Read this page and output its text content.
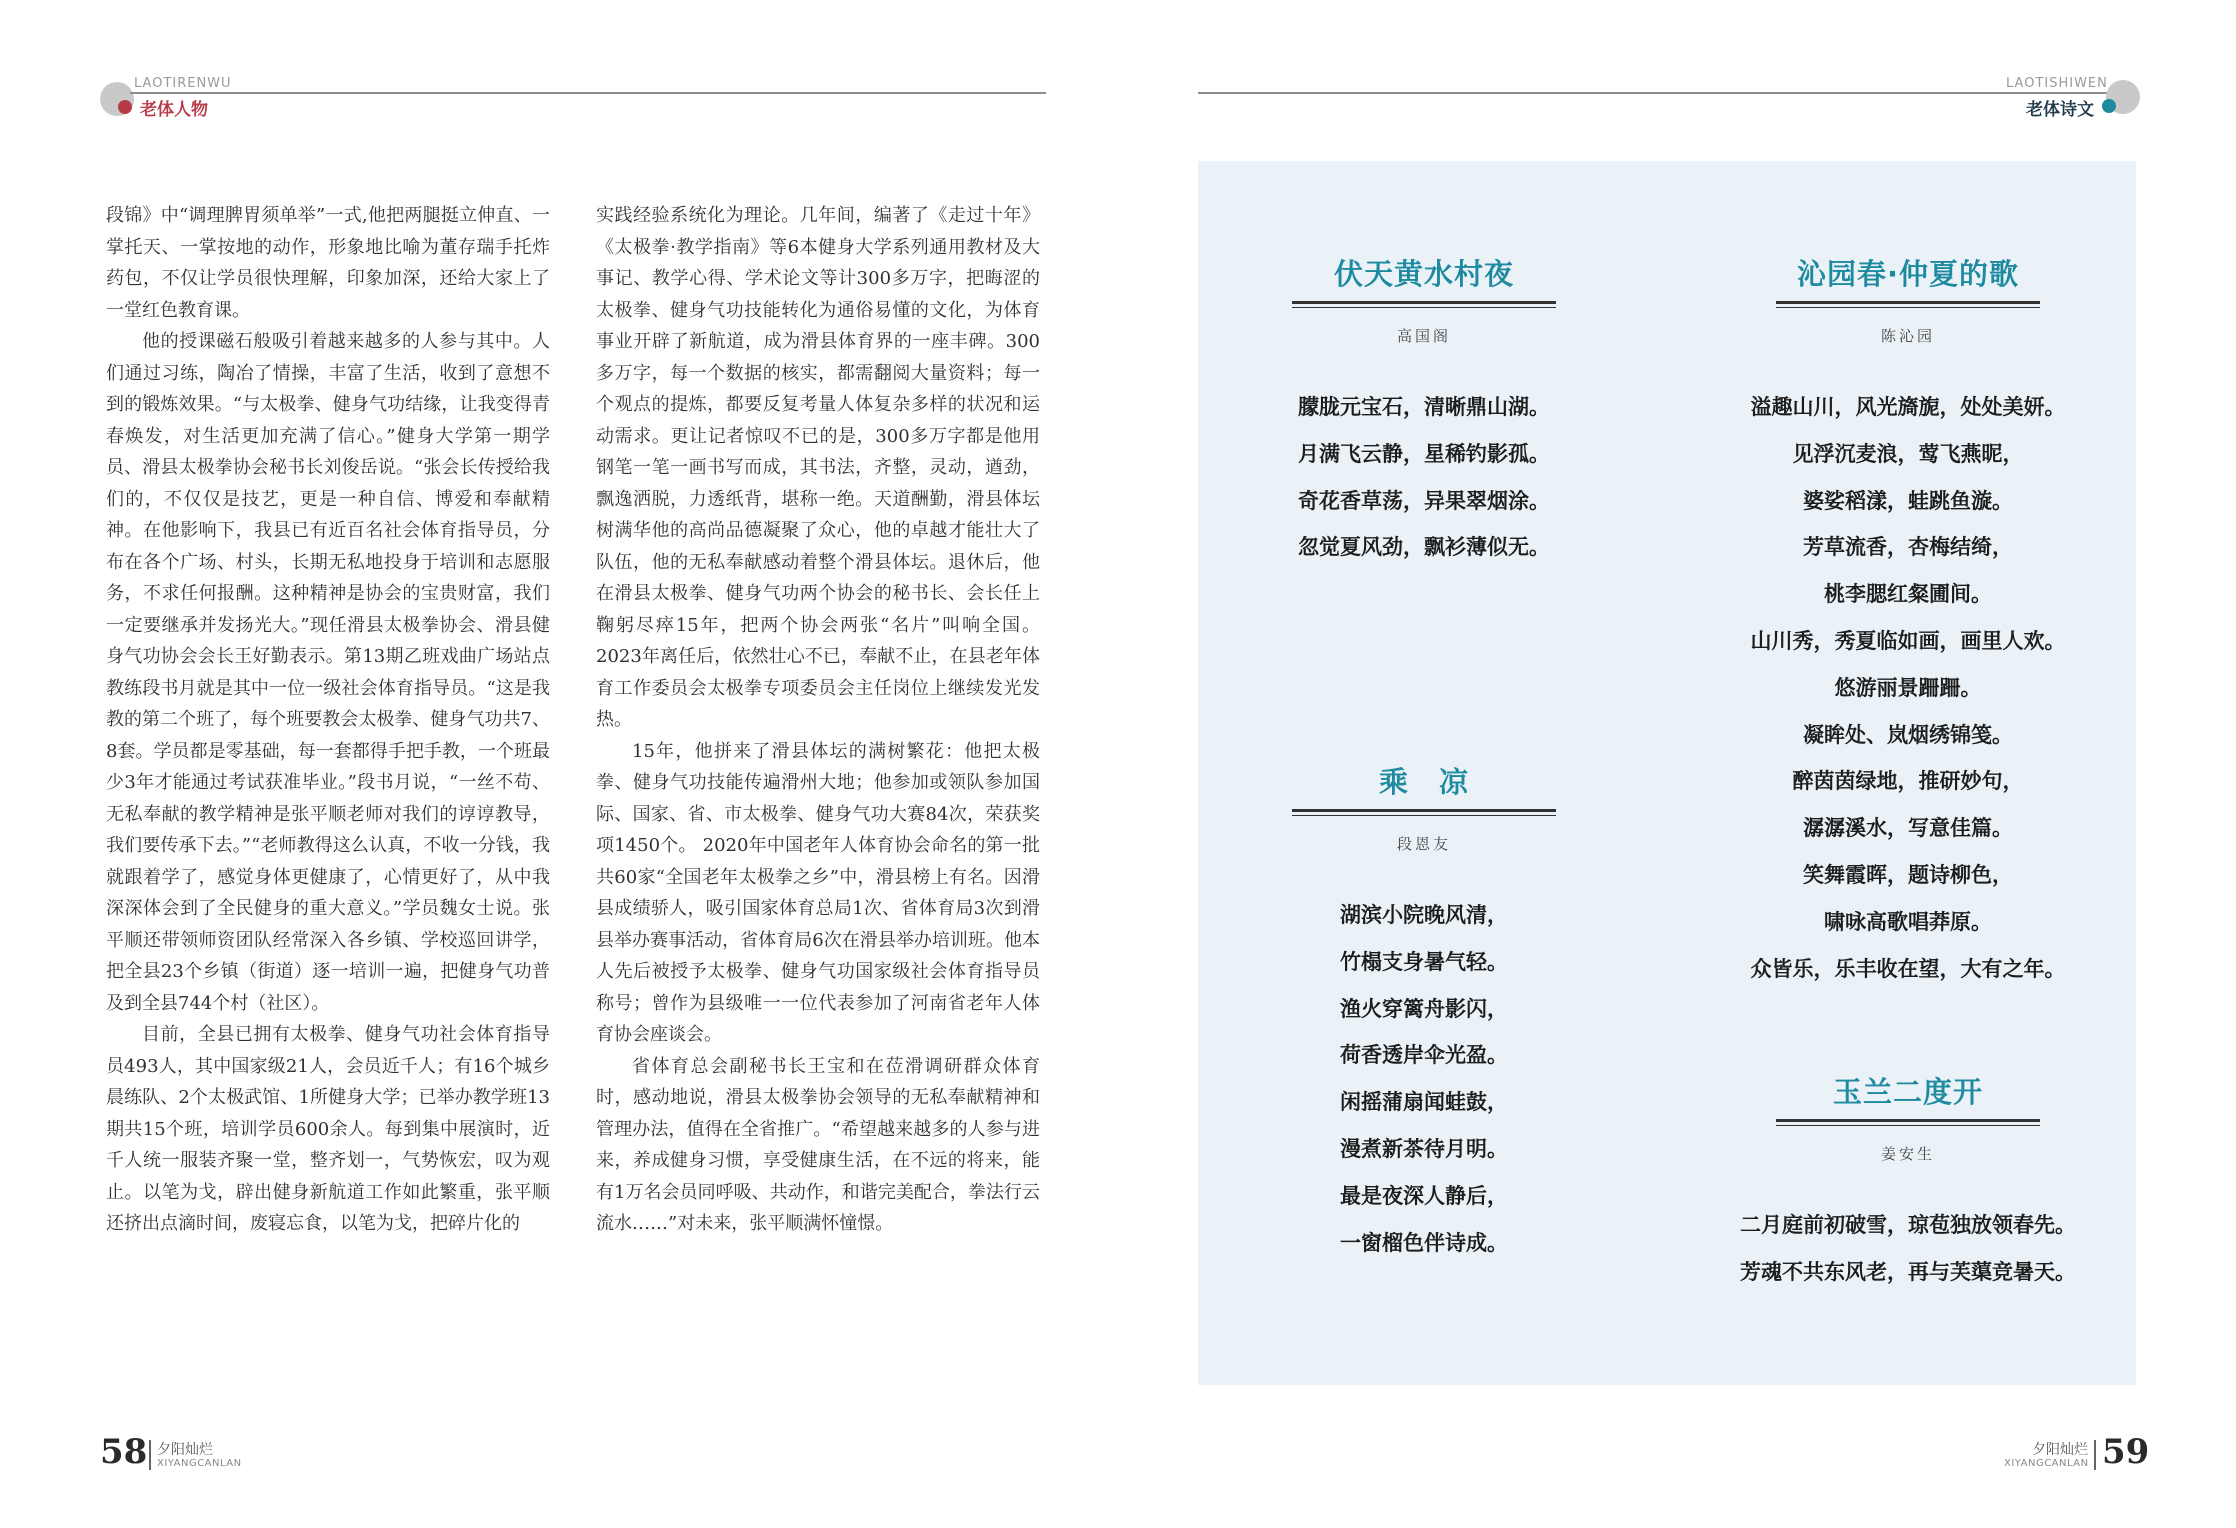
LAOTIRENWU
老体人物

段锦》中“调理脾胃须单举”一式,他把两腿挺立伸直、一掌托天、一掌按地的动作，形象地比喻为董存瑞手托炸药包，不仅让学员很快理解，印象加深，还给大家上了一堂红色教育课。

他的授课磁石般吸引着越来越多的人参与其中。人们通过习练，陶冶了情操，丰富了生活，收到了意想不到的锻炼效果。“与太极拳、健身气功结缘，让我变得青春焕发，对生活更加充满了信心。”健身大学第一期学员、滑县太极拳协会秘书长刘俊岳说。“张会长传授给我们的，不仅仅是技艺，更是一种自信、博爱和奉献精神。在他影响下，我县已有近百名社会体育指导员，分布在各个广场、村头，长期无私地投身于培训和志愿服务，不求任何报酬。这种精神是协会的宝贵财富，我们一定要继承并发扬光大。”现任滑县太极拳协会、滑县健身气功协会会长王好勤表示。第13期乙班戏曲广场站点教练段书月就是其中一位一级社会体育指导员。“这是我教的第二个班了，每个班要教会太极拳、健身气功共7、8套。学员都是零基础，每一套都得手把手教，一个班最少3年才能通过考试获准毕业。”段书月说，“一丝不苟、无私奉献的教学精神是张平顺老师对我们的谆谆教导，我们要传承下去。”“老师教得这么认真，不收一分钱，我就跟着学了，感觉身体更健康了，心情更好了，从中我深深体会到了全民健身的重大意义。”学员魏女士说。张平顺还带领师资团队经常深入各乡镇、学校巡回讲学，把全县23个乡镇（街道）逐一培训一遍，把健身气功普及到全县744个村（社区）。

目前，全县已拥有太极拳、健身气功社会体育指导员493人，其中国家级21人，会员近千人；有16个城乡晨练队、2个太极武馆、1所健身大学；已举办教学班13期共15个班，培训学员600余人。每到集中展演时，近千人统一服装齐聚一堂，整齐划一，气势恢宏，叹为观止。以笔为戈，辟出健身新航道工作如此繁重，张平顺还挤出点滴时间，废寝忘食，以笔为戈，把碎片化的

实践经验系统化为理论。几年间，编著了《走过十年》《太极拳·教学指南》等6本健身大学系列通用教材及大事记、教学心得、学术论文等计300多万字，把晦涩的太极拳、健身气功技能转化为通俗易懂的文化，为体育事业开辟了新航道，成为滑县体育界的一座丰碑。300多万字，每一个数据的核实，都需翻阅大量资料；每一个观点的提炼，都要反复考量人体复杂多样的状况和运动需求。更让记者惊叹不已的是，300多万字都是他用钢笔一笔一画书写而成，其书法，齐整，灵动，遒劲，飘逸洒脱，力透纸背，堪称一绝。天道酬勤，滑县体坛树满华他的高尚品德凝聚了众心，他的卓越才能壮大了队伍，他的无私奉献感动着整个滑县体坛。退休后，他在滑县太极拳、健身气功两个协会的秘书长、会长任上鞠躬尽瘁15年，把两个协会两张“名片”叫响全国。2023年离任后，依然壮心不已，奉献不止，在县老年体育工作委员会太极拳专项委员会主任岗位上继续发光发热。

15年，他拼来了滑县体坛的满树繁花：他把太极拳、健身气功技能传遍滑州大地；他参加或领队参加国际、国家、省、市太极拳、健身气功大赛84次，荣获奖项1450个。 2020年中国老年人体育协会命名的第一批共60家“全国老年太极拳之乡”中，滑县榜上有名。因滑县成绩骄人，吸引国家体育总局1次、省体育局3次到滑县举办赛事活动，省体育局6次在滑县举办培训班。他本人先后被授予太极拳、健身气功国家级社会体育指导员称号；曾作为县级唯一一位代表参加了河南省老年人体育协会座谈会。

省体育总会副秘书长王宝和在莅滑调研群众体育时，感动地说，滑县太极拳协会领导的无私奉献精神和管理办法，值得在全省推广。“希望越来越多的人参与进来，养成健身习惯，享受健康生活，在不远的将来，能有1万名会员同呼吸、共动作，和谐完美配合，拳法行云流水……”对未来，张平顺满怀憧憬。

LAOTISHIWEN
老体诗文
伏天黄水村夜
高国阁
朦胧元宝石，清晰鼎山湖。
月满飞云静，星稀钓影孤。
奇花香草荡，异果翠烟涂。
忽觉夏风劲，飘衫薄似无。
沁园春·仲夏的歌
陈沁园
溢趣山川，风光旖旎，处处美妍。
见浮沉麦浪，莺飞燕昵，
婆娑稻漾，蛙跳鱼漩。
芳草流香，杏梅结绮，
桃李腮红粲圃间。
山川秀，秀夏临如画，画里人欢。
悠游丽景跚跚。
凝眸处、岚烟绣锦笺。
醉茵茵绿地，推研妙句，
潺潺溪水，写意佳篇。
笑舞霞晖，题诗柳色，
啸咏高歌唱莽原。
众皆乐，乐丰收在望，大有之年。
乘　凉
段恩友
湖滨小院晚风清，
竹榻支身暑气轻。
渔火穿篱舟影闪，
荷香透岸伞光盈。
闲摇蒲扇闻蛙鼓，
漫煮新茶待月明。
最是夜深人静后，
一窗榴色伴诗成。
玉兰二度开
姜安生
二月庭前初破雪，琼苞独放领春先。
芳魂不共东风老，再与芙蕖竞暑天。
58 夕阳灿烂
XIYANGCANLAN
夕阳灿烂
XIYANGCANLAN 59
